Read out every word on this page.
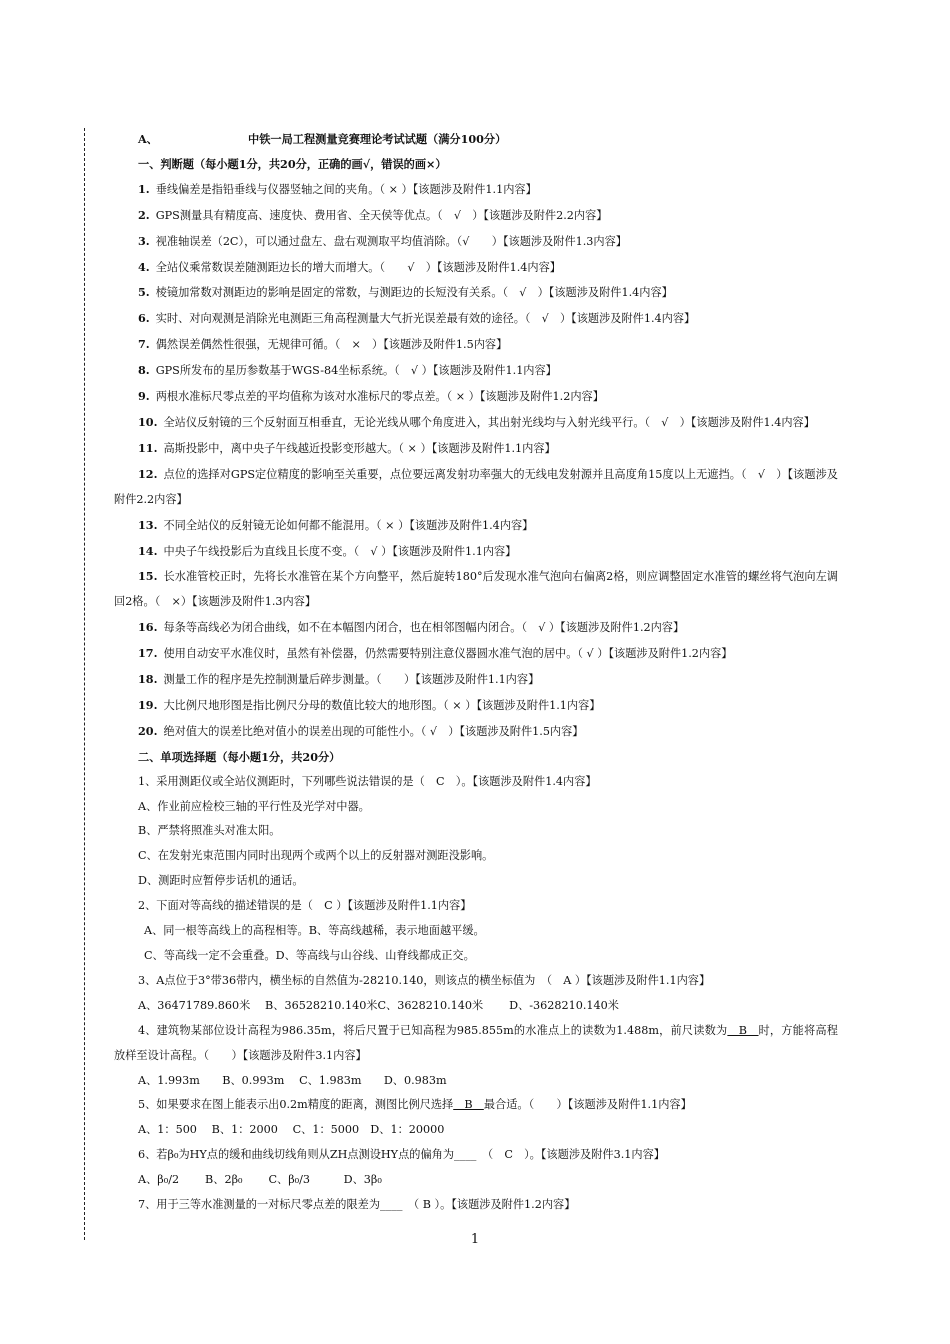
A、	中铁一局工程测量竞赛理论考试试题（满分100分）
一、判断题（每小题1分，共20分，正确的画√，错误的画×）
1. 垂线偏差是指铅垂线与仪器竖轴之间的夹角。（ × ）【该题涉及附件1.1内容】
2. GPS测量具有精度高、速度快、费用省、全天侯等优点。（　√　）【该题涉及附件2.2内容】
3. 视准轴误差（2C），可以通过盘左、盘右观测取平均值消除。（√　　）【该题涉及附件1.3内容】
4. 全站仪乘常数误差随测距边长的增大而增大。（　　√　）【该题涉及附件1.4内容】
5. 棱镜加常数对测距边的影响是固定的常数，与测距边的长短没有关系。（　√　）【该题涉及附件1.4内容】
6. 实时、对向观测是消除光电测距三角高程测量大气折光误差最有效的途径。（　√　）【该题涉及附件1.4内容】
7. 偶然误差偶然性很强，无规律可循。（　×　）【该题涉及附件1.5内容】
8. GPS所发布的星历参数基于WGS-84坐标系统。（　√ ）【该题涉及附件1.1内容】
9. 两根水准标尺零点差的平均值称为该对水准标尺的零点差。（ × ）【该题涉及附件1.2内容】
10. 全站仪反射镜的三个反射面互相垂直，无论光线从哪个角度进入，其出射光线均与入射光线平行。（　√　）【该题涉及附件1.4内容】
11. 高斯投影中，离中央子午线越近投影变形越大。（ × ）【该题涉及附件1.1内容】
12. 点位的选择对GPS定位精度的影响至关重要，点位要远离发射功率强大的无线电发射源并且高度角15度以上无遮挡。（　√　）【该题涉及附件2.2内容】
13. 不同全站仪的反射镜无论如何都不能混用。（ × ）【该题涉及附件1.4内容】
14. 中央子午线投影后为直线且长度不变。（　√ ）【该题涉及附件1.1内容】
15. 长水准管校正时，先将长水准管在某个方向整平，然后旋转180°后发现水准气泡向右偏离2格，则应调整固定水准管的螺丝将气泡向左调回2格。（　×）【该题涉及附件1.3内容】
16. 每条等高线必为闭合曲线，如不在本幅图内闭合，也在相邻图幅内闭合。（　√ ）【该题涉及附件1.2内容】
17. 使用自动安平水准仪时，虽然有补偿器，仍然需要特别注意仪器圆水准气泡的居中。（ √ ）【该题涉及附件1.2内容】
18. 测量工作的程序是先控制测量后碎步测量。（　　）【该题涉及附件1.1内容】
19. 大比例尺地形图是指比例尺分母的数值比较大的地形图。（ × ）【该题涉及附件1.1内容】
20. 绝对值大的误差比绝对值小的误差出现的可能性小。（ √　）【该题涉及附件1.5内容】
二、单项选择题（每小题1分，共20分）
1、采用测距仪或全站仪测距时，下列哪些说法错误的是（　C　）。【该题涉及附件1.4内容】
A、作业前应检校三轴的平行性及光学对中器。
B、严禁将照准头对准太阳。
C、在发射光束范围内同时出现两个或两个以上的反射器对测距没影响。
D、测距时应暂停步话机的通话。
2、下面对等高线的描述错误的是（　C ）【该题涉及附件1.1内容】
A、同一根等高线上的高程相等。B、等高线越稀，表示地面越平缓。
C、等高线一定不会重叠。D、等高线与山谷线、山脊线都成正交。
3、A点位于3°带36带内，横坐标的自然值为-28210.140，则该点的横坐标值为　（　A ）【该题涉及附件1.1内容】
A、36471789.860米　 B、36528210.140米C、3628210.140米　　 D、-3628210.140米
4、建筑物某部位设计高程为986.35m，将后尺置于已知高程为985.855m的水准点上的读数为1.488m，前尺读数为　B　时，方能将高程放样至设计高程。（　　）【该题涉及附件3.1内容】
A、1.993m　　B、0.993m　 C、1.983m　　D、0.983m
5、如果要求在图上能表示出0.2m精度的距离，测图比例尺选择　B　最合适。（　　）【该题涉及附件1.1内容】
A、1：500　 B、1：2000　 C、1：5000　D、1：20000
6、若β₀为HY点的缓和曲线切线角则从ZH点测设HY点的偏角为____　（　C　）。【该题涉及附件3.1内容】
A、β₀/2　　 B、2β₀　　 C、β₀/3　　　D、3β₀
7、用于三等水准测量的一对标尺零点差的限差为____　（ B ）。【该题涉及附件1.2内容】
1
